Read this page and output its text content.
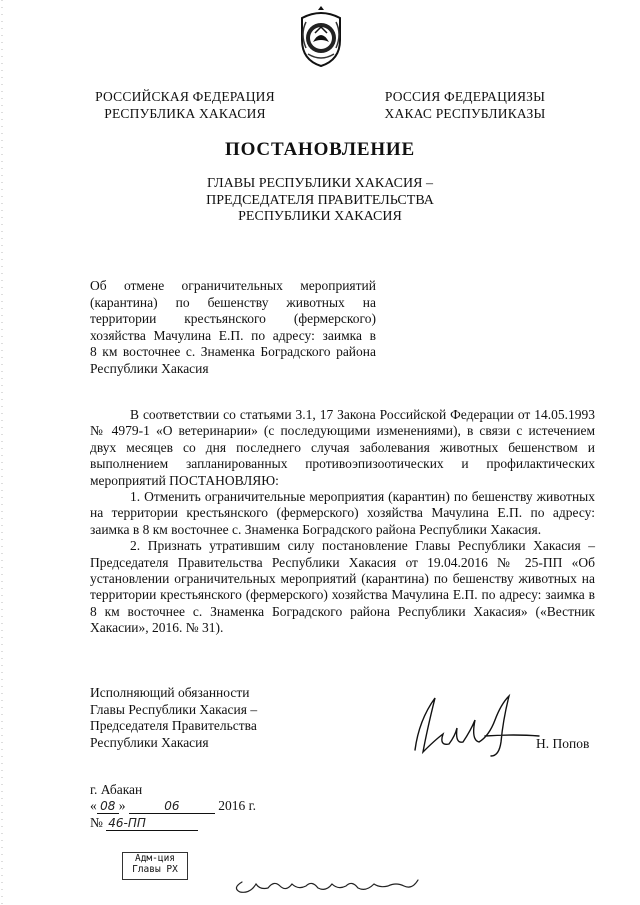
РОССИЙСКАЯ ФЕДЕРАЦИЯ
РЕСПУБЛИКА ХАКАСИЯ
РОССИЯ ФЕДЕРАЦИЯЗЫ
ХАКАС РЕСПУБЛИКАЗЫ
ПОСТАНОВЛЕНИЕ
ГЛАВЫ РЕСПУБЛИКИ ХАКАСИЯ –
ПРЕДСЕДАТЕЛЯ ПРАВИТЕЛЬСТВА
РЕСПУБЛИКИ ХАКАСИЯ
Об отмене ограничительных мероприятий
(карантина) по бешенству животных на
территории крестьянского (фермерского)
хозяйства Мачулина Е.П. по адресу: заимка в
8 км восточнее с. Знаменка Боградского района
Республики Хакасия

В соответствии со статьями 3.1, 17 Закона Российской Федерации от 14.05.1993 № 4979-1 «О ветеринарии» (с последующими изменениями), в связи с истечением двух месяцев со дня последнего случая заболевания животных бешенством и выполнением запланированных противоэпизоотических и профилактических мероприятий ПОСТАНОВЛЯЮ:

1. Отменить ограничительные мероприятия (карантин) по бешенству животных на территории крестьянского (фермерского) хозяйства Мачулина Е.П. по адресу: заимка в 8 км восточнее с. Знаменка Боградского района Республики Хакасия.

2. Признать утратившим силу постановление Главы Республики Хакасия – Председателя Правительства Республики Хакасия от 19.04.2016 № 25-ПП «Об установлении ограничительных мероприятий (карантина) по бешенству животных на территории крестьянского (фермерского) хозяйства Мачулина Е.П. по адресу: заимка в 8 км восточнее с. Знаменка Боградского района Республики Хакасия» («Вестник Хакасии», 2016. № 31).

Исполняющий обязанности
Главы Республики Хакасия –
Председателя Правительства
Республики Хакасия	Н. Попов
г. Абакан
« 08 »	06	2016 г.
№ 46-ПП
Адм-ция
Главы РХ
